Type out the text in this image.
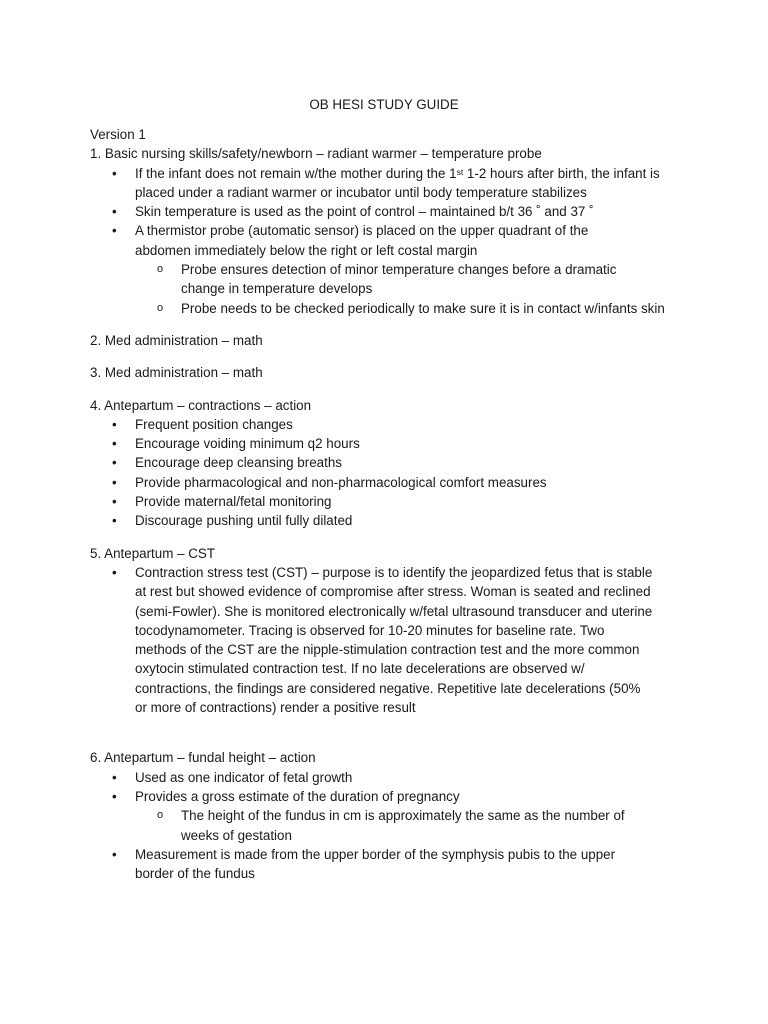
OB HESI STUDY GUIDE
Version 1
1. Basic nursing skills/safety/newborn – radiant warmer – temperature probe
• If the infant does not remain w/the mother during the 1st 1-2 hours after birth, the infant is placed under a radiant warmer or incubator until body temperature stabilizes
• Skin temperature is used as the point of control – maintained b/t 36 ˚ and 37 ˚
• A thermistor probe (automatic sensor) is placed on the upper quadrant of the abdomen immediately below the right or left costal margin
o Probe ensures detection of minor temperature changes before a dramatic change in temperature develops
o Probe needs to be checked periodically to make sure it is in contact w/infants skin
2. Med administration – math
3. Med administration – math
4. Antepartum – contractions – action
• Frequent position changes
• Encourage voiding minimum q2 hours
• Encourage deep cleansing breaths
• Provide pharmacological and non-pharmacological comfort measures
• Provide maternal/fetal monitoring
• Discourage pushing until fully dilated
5. Antepartum – CST
• Contraction stress test (CST) – purpose is to identify the jeopardized fetus that is stable at rest but showed evidence of compromise after stress. Woman is seated and reclined (semi-Fowler). She is monitored electronically w/fetal ultrasound transducer and uterine tocodynamometer. Tracing is observed for 10-20 minutes for baseline rate. Two methods of the CST are the nipple-stimulation contraction test and the more common oxytocin stimulated contraction test. If no late decelerations are observed w/ contractions, the findings are considered negative. Repetitive late decelerations (50% or more of contractions) render a positive result
6. Antepartum – fundal height – action
• Used as one indicator of fetal growth
• Provides a gross estimate of the duration of pregnancy
o The height of the fundus in cm is approximately the same as the number of weeks of gestation
• Measurement is made from the upper border of the symphysis pubis to the upper border of the fundus
